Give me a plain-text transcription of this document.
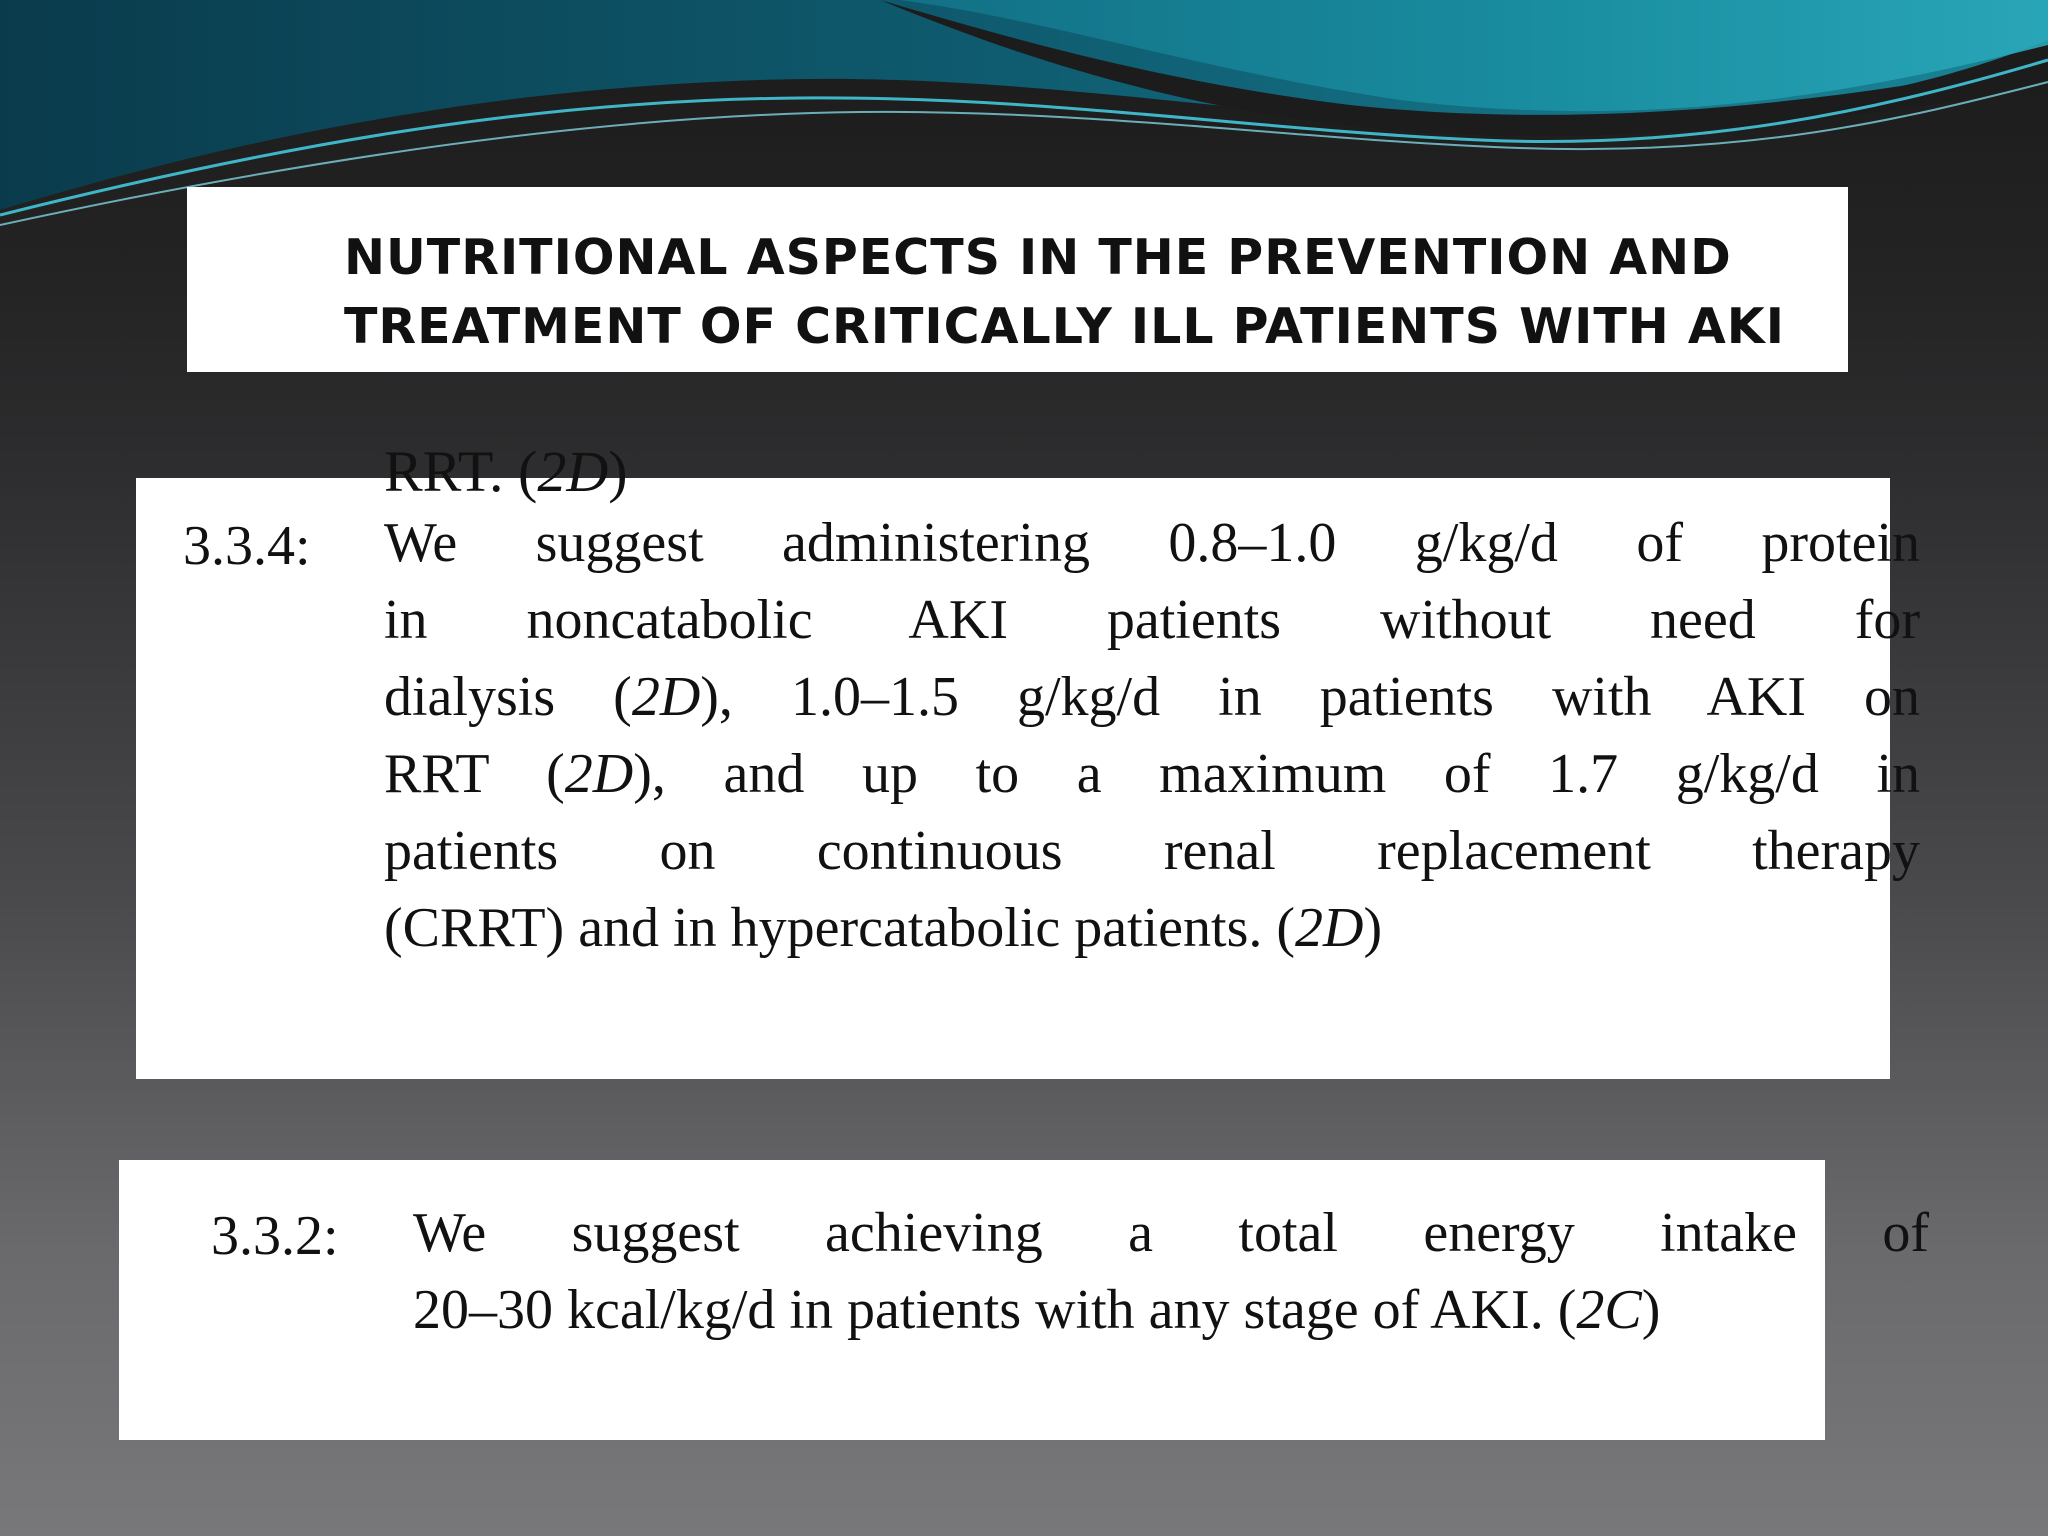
NUTRITIONAL ASPECTS IN THE PREVENTION AND
TREATMENT OF CRITICALLY ILL PATIENTS WITH AKI
RRT. (2D)
3.3.4: We suggest administering 0.8–1.0 g/kg/d of protein
in noncatabolic AKI patients without need for
dialysis (2D), 1.0–1.5 g/kg/d in patients with AKI on
RRT (2D), and up to a maximum of 1.7 g/kg/d in
patients on continuous renal replacement therapy
(CRRT) and in hypercatabolic patients. (2D)
3.3.2: We suggest achieving a total energy intake of
20–30 kcal/kg/d in patients with any stage of AKI. (2C)
